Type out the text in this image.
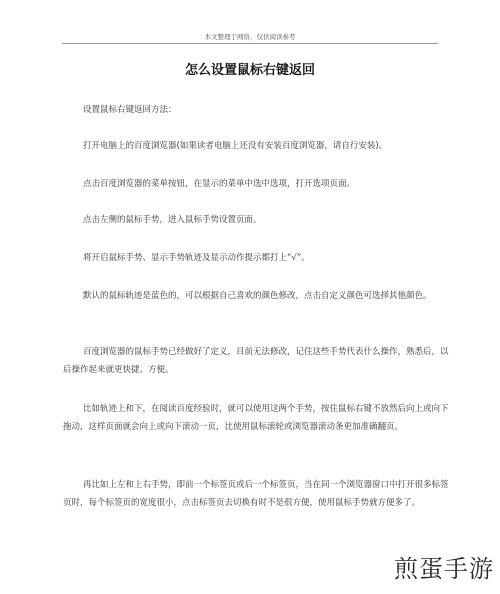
本文整理于网络，仅供阅读参考
怎么设置鼠标右键返回

设置鼠标右键返回方法：

打开电脑上的百度浏览器(如果读者电脑上还没有安装百度浏览器，请自行安装)。

点击百度浏览器的菜单按钮，在显示的菜单中选中选项，打开选项页面。

点击左侧的鼠标手势，进入鼠标手势设置页面。

将开启鼠标手势、显示手势轨迹及显示动作提示都打上“√”。

默认的鼠标轨迹是蓝色的，可以根据自己喜欢的颜色修改，点击自定义颜色可选择其他颜色。

百度浏览器的鼠标手势已经做好了定义，目前无法修改，记住这些手势代表什么操作，熟悉后，以后操作起来就更快捷、方便。

比如轨迹上和下，在阅读百度经验时，就可以使用这两个手势，按住鼠标右键不放然后向上或向下拖动，这样页面就会向上或向下滚动一页，比使用鼠标滚轮或浏览器滚动条更加准确翻页。

再比如上左和上右手势，即前一个标签页或后一个标签页，当在同一个浏览器窗口中打开很多标签页时，每个标签页的宽度很小，点击标签页去切换有时不是很方便，使用鼠标手势就方便多了。

煎蛋手游
